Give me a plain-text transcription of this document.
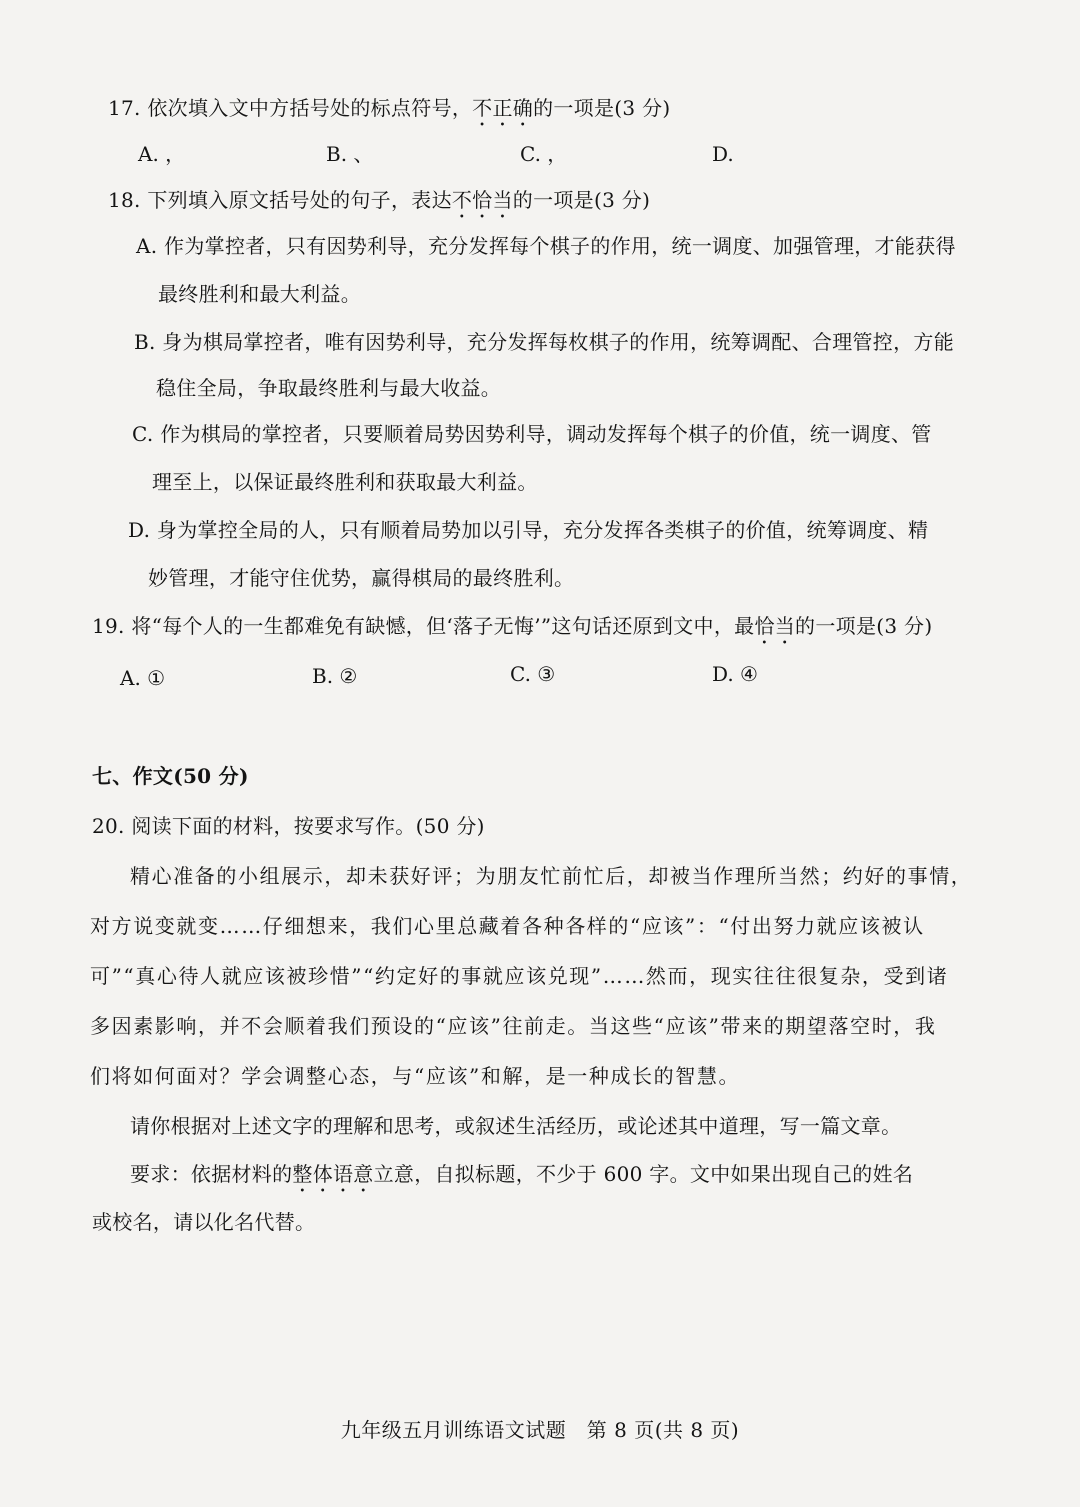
17. 依次填入文中方括号处的标点符号，不正确的一项是(3 分)
A. ，	B. 、	C. ，	D.
18. 下列填入原文括号处的句子，表达不恰当的一项是(3 分)
A. 作为掌控者，只有因势利导，充分发挥每个棋子的作用，统一调度、加强管理，才能获得
最终胜利和最大利益。
B. 身为棋局掌控者，唯有因势利导，充分发挥每枚棋子的作用，统筹调配、合理管控，方能
稳住全局，争取最终胜利与最大收益。
C. 作为棋局的掌控者，只要顺着局势因势利导，调动发挥每个棋子的价值，统一调度、管
理至上，以保证最终胜利和获取最大利益。
D. 身为掌控全局的人，只有顺着局势加以引导，充分发挥各类棋子的价值，统筹调度、精
妙管理，才能守住优势，赢得棋局的最终胜利。
19. 将“每个人的一生都难免有缺憾，但‘落子无悔’”这句话还原到文中，最恰当的一项是(3 分)
A. ①	B. ②	C. ③	D. ④
七、作文(50 分)
20. 阅读下面的材料，按要求写作。(50 分)
精心准备的小组展示，却未获好评；为朋友忙前忙后，却被当作理所当然；约好的事情，
对方说变就变……仔细想来，我们心里总藏着各种各样的“应该”：“付出努力就应该被认
可”“真心待人就应该被珍惜”“约定好的事就应该兑现”……然而，现实往往很复杂，受到诸
多因素影响，并不会顺着我们预设的“应该”往前走。当这些“应该”带来的期望落空时，我
们将如何面对？学会调整心态，与“应该”和解，是一种成长的智慧。
请你根据对上述文字的理解和思考，或叙述生活经历，或论述其中道理，写一篇文章。
要求：依据材料的整体语意立意，自拟标题，不少于 600 字。文中如果出现自己的姓名
或校名，请以化名代替。
九年级五月训练语文试题　第 8 页(共 8 页)
